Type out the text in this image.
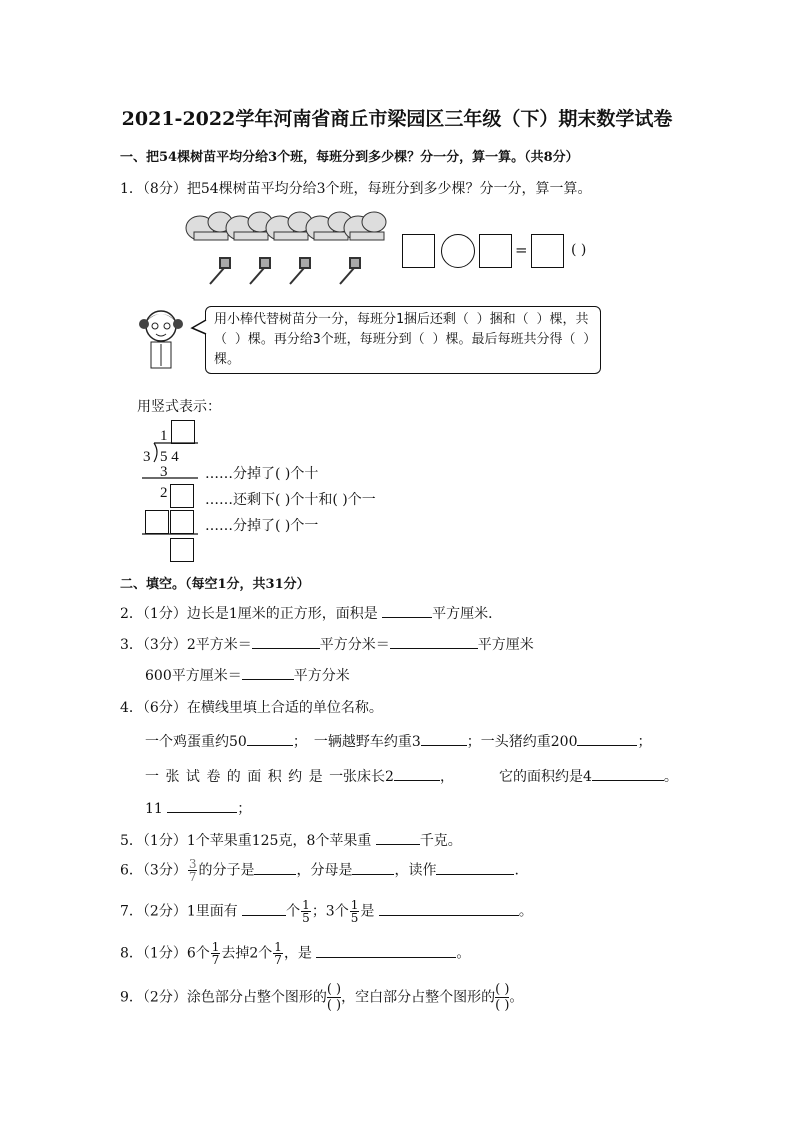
2021-2022学年河南省商丘市梁园区三年级（下）期末数学试卷
一、把54棵树苗平均分给3个班，每班分到多少棵？分一分，算一算。（共8分）
1．（8分）把54棵树苗平均分给3个班，每班分到多少棵？分一分，算一算。
=	( )
用小棒代替树苗分一分，每班分1捆后还剩（ ）捆和（ ）棵，共（ ）棵。再分给3个班，每班分到（ ）棵。最后每班共分得（ ）棵。
用竖式表示：
1
3 5 4
3
2
……分掉了( )个十
……还剩下( )个十和( )个一
……分掉了( )个一
二、填空。（每空1分，共31分）
2．（1分）边长是1厘米的正方形，面积是	平方厘米．
3．（3分）2平方米＝	平方分米＝	平方厘米
600平方厘米＝	平方分米
4．（6分）在横线里填上合适的单位名称。
一个鸡蛋重约50	；　一辆越野车约重3	；一头猪约重200	；
一 张 试 卷 的 面 积 约 是 一张床长2	，	它的面积约是4	。
11	；
5．（1分）1个苹果重125克，8个苹果重	千克。
6．（3分） $\frac{3}{7}$ 的分子是	，分母是	，读作	.
7．（2分）1里面有	个 $\frac{1}{5}$ ；3个 $\frac{1}{5}$ 是	。
8．（1分）6个 $\frac{1}{7}$ 去掉2个 $\frac{1}{7}$ ，是	。
9．（2分）涂色部分占整个图形的 ( )
( ) ，空白部分占整个图形的 ( )
( ) 。
